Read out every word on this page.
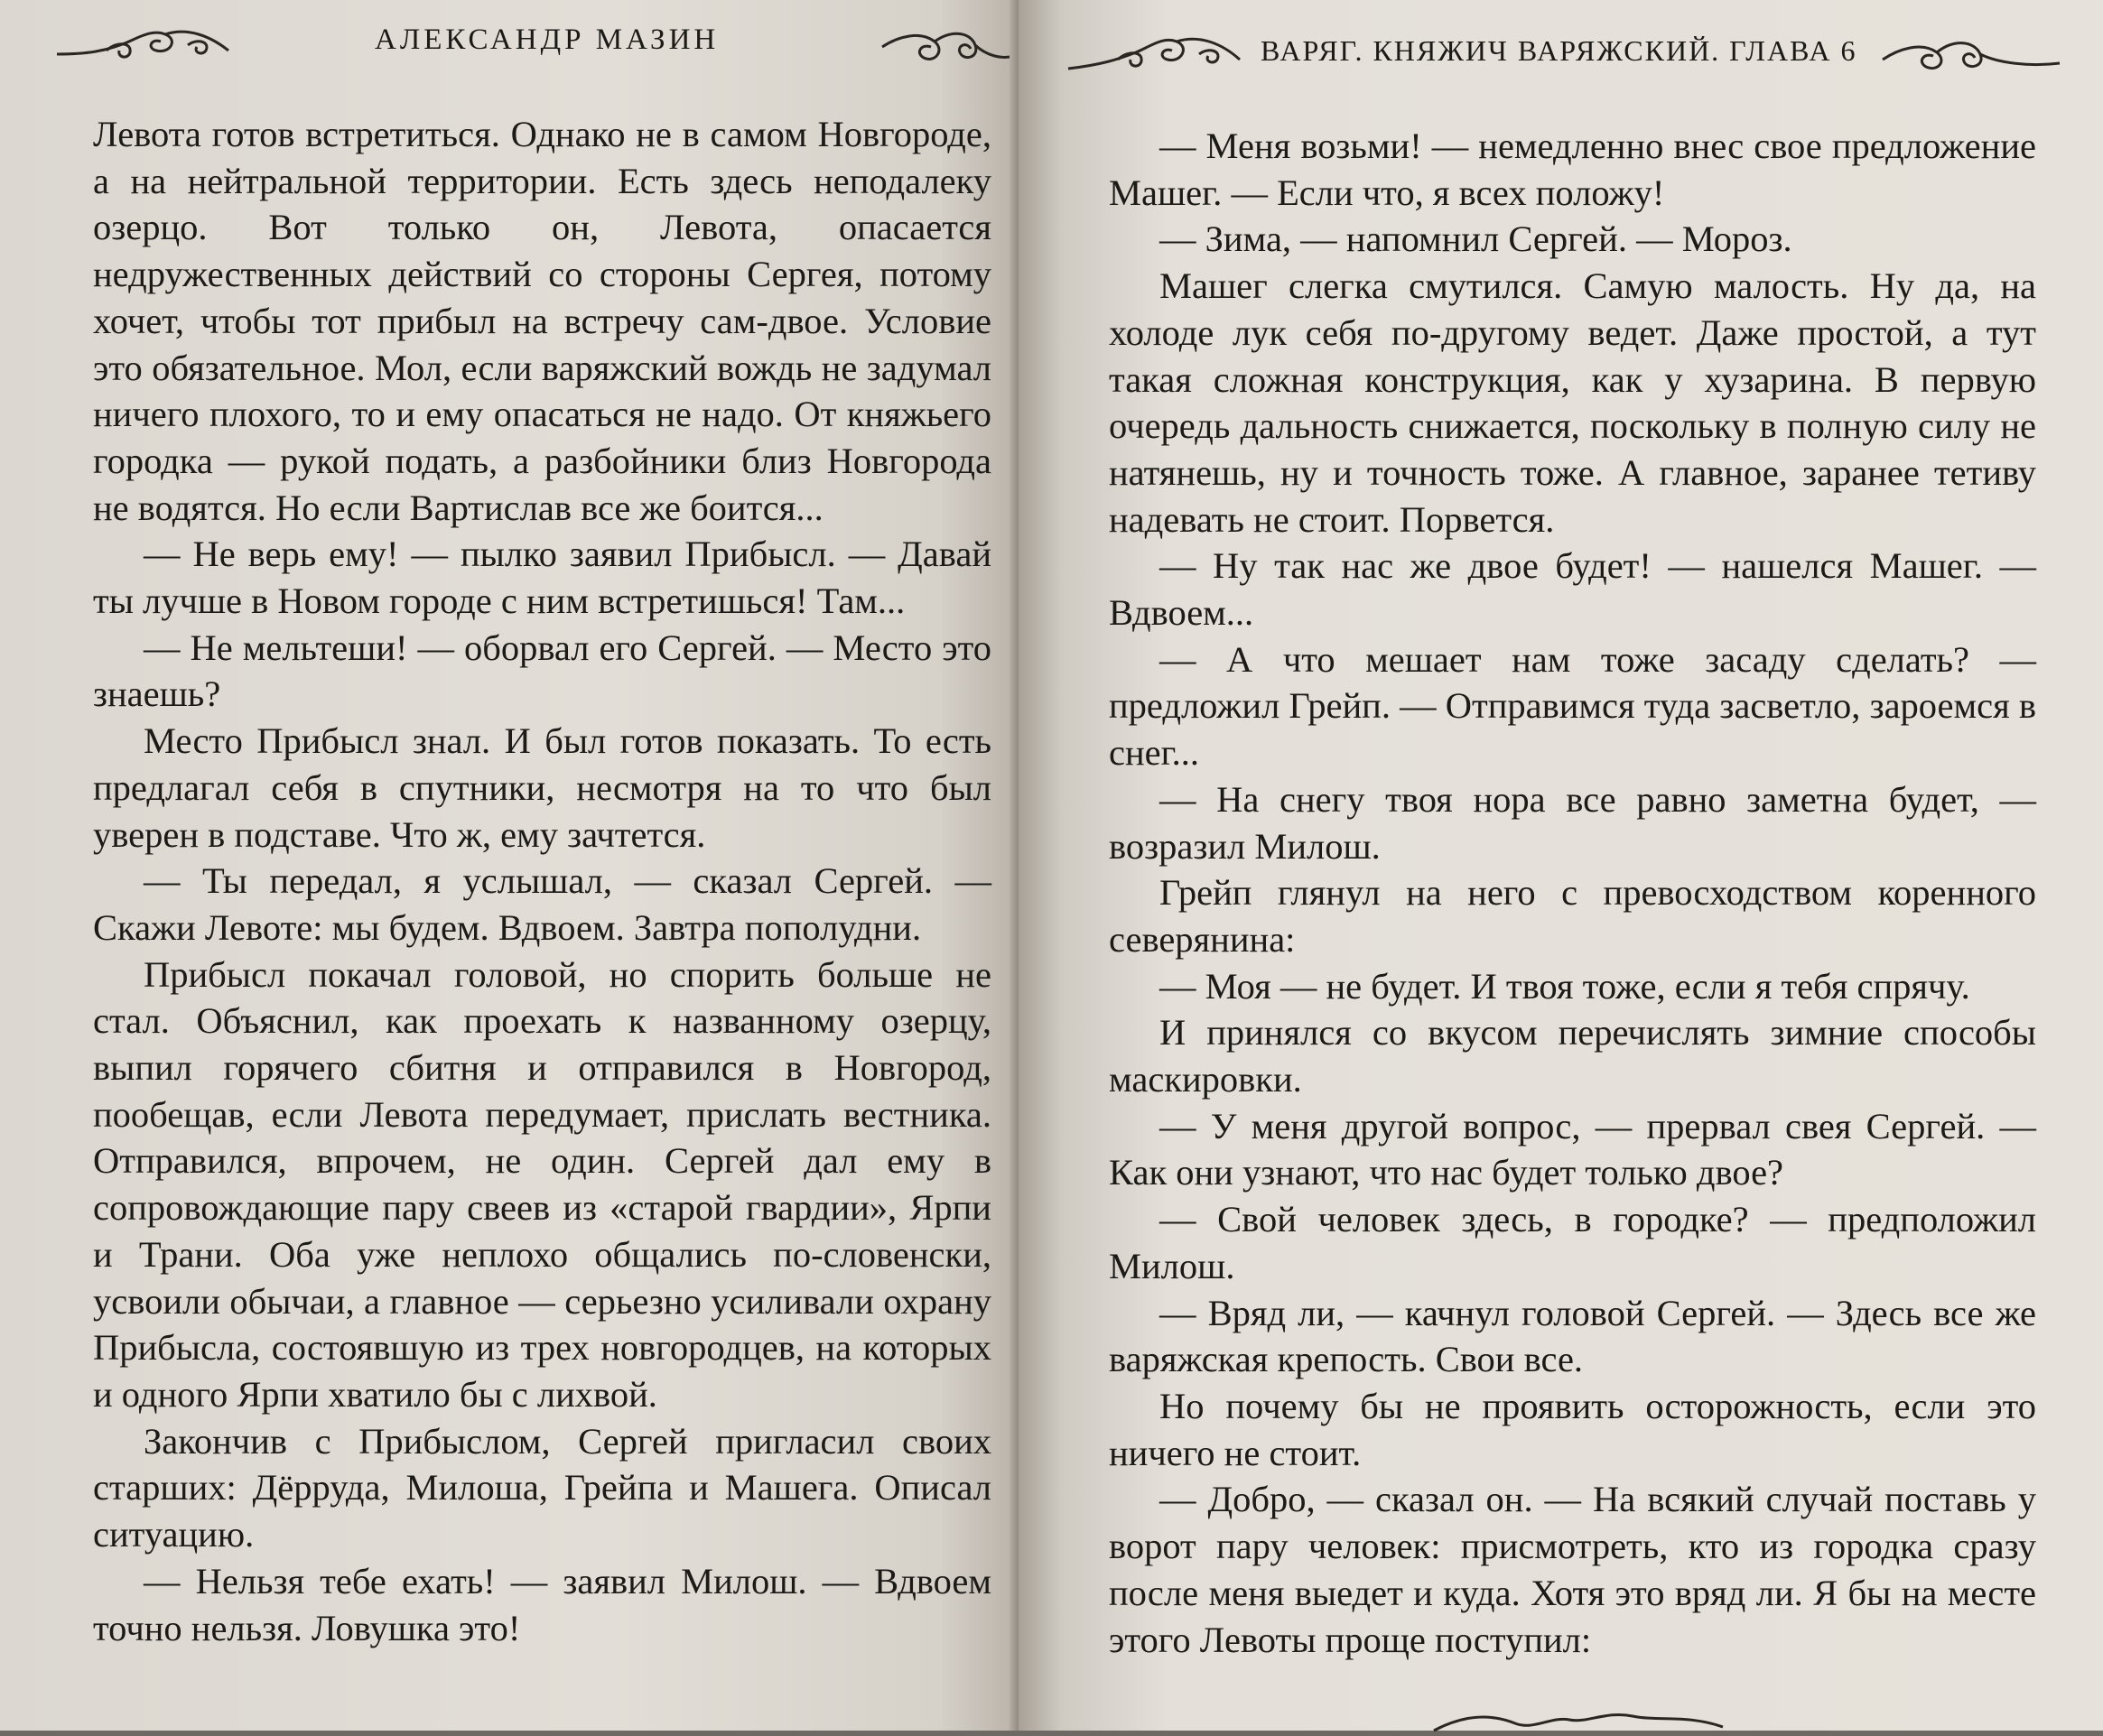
АЛЕКСАНДР МАЗИН

Левота готов встретиться. Однако не в самом Новгороде, а на нейтральной территории. Есть здесь неподалеку озерцо. Вот только он, Левота, опасается недружественных действий со стороны Сергея, потому хочет, чтобы тот прибыл на встречу сам-двое. Условие это обязательное. Мол, если варяжский вождь не задумал ничего плохого, то и ему опасаться не надо. От княжьего городка — рукой подать, а разбойники близ Новгорода не водятся. Но если Вартислав все же боится...

— Не верь ему! — пылко заявил Прибысл. — Давай ты лучше в Новом городе с ним встретишься! Там...

— Не мельтеши! — оборвал его Сергей. — Место это знаешь?

Место Прибысл знал. И был готов показать. То есть предлагал себя в спутники, несмотря на то что был уверен в подставе. Что ж, ему зачтется.

— Ты передал, я услышал, — сказал Сергей. — Скажи Левоте: мы будем. Вдвоем. Завтра пополудни.

Прибысл покачал головой, но спорить больше не стал. Объяснил, как проехать к названному озерцу, выпил горячего сбитня и отправился в Новгород, пообещав, если Левота передумает, прислать вестника. Отправился, впрочем, не один. Сергей дал ему в сопровождающие пару свеев из «старой гвардии», Ярпи и Трани. Оба уже неплохо общались по-словенски, усвоили обычаи, а главное — серьезно усиливали охрану Прибысла, состоявшую из трех новгородцев, на которых и одного Ярпи хватило бы с лихвой.

Закончив с Прибыслом, Сергей пригласил своих старших: Дёрруда, Милоша, Грейпа и Машега. Описал ситуацию.

— Нельзя тебе ехать! — заявил Милош. — Вдвоем точно нельзя. Ловушка это!

ВАРЯГ. КНЯЖИЧ ВАРЯЖСКИЙ. ГЛАВА 6

— Меня возьми! — немедленно внес свое предложение Машег. — Если что, я всех положу!

— Зима, — напомнил Сергей. — Мороз.

Машег слегка смутился. Самую малость. Ну да, на холоде лук себя по-другому ведет. Даже простой, а тут такая сложная конструкция, как у хузарина. В первую очередь дальность снижается, поскольку в полную силу не натянешь, ну и точность тоже. А главное, заранее тетиву надевать не стоит. Порвется.

— Ну так нас же двое будет! — нашелся Машег. — Вдвоем...

— А что мешает нам тоже засаду сделать? — предложил Грейп. — Отправимся туда засветло, зароемся в снег...

— На снегу твоя нора все равно заметна будет, — возразил Милош.

Грейп глянул на него с превосходством коренного северянина:

— Моя — не будет. И твоя тоже, если я тебя спрячу.

И принялся со вкусом перечислять зимние способы маскировки.

— У меня другой вопрос, — прервал свея Сергей. — Как они узнают, что нас будет только двое?

— Свой человек здесь, в городке? — предположил Милош.

— Вряд ли, — качнул головой Сергей. — Здесь все же варяжская крепость. Свои все.

Но почему бы не проявить осторожность, если это ничего не стоит.

— Добро, — сказал он. — На всякий случай поставь у ворот пару человек: присмотреть, кто из городка сразу после меня выедет и куда. Хотя это вряд ли. Я бы на месте этого Левоты проще поступил:
